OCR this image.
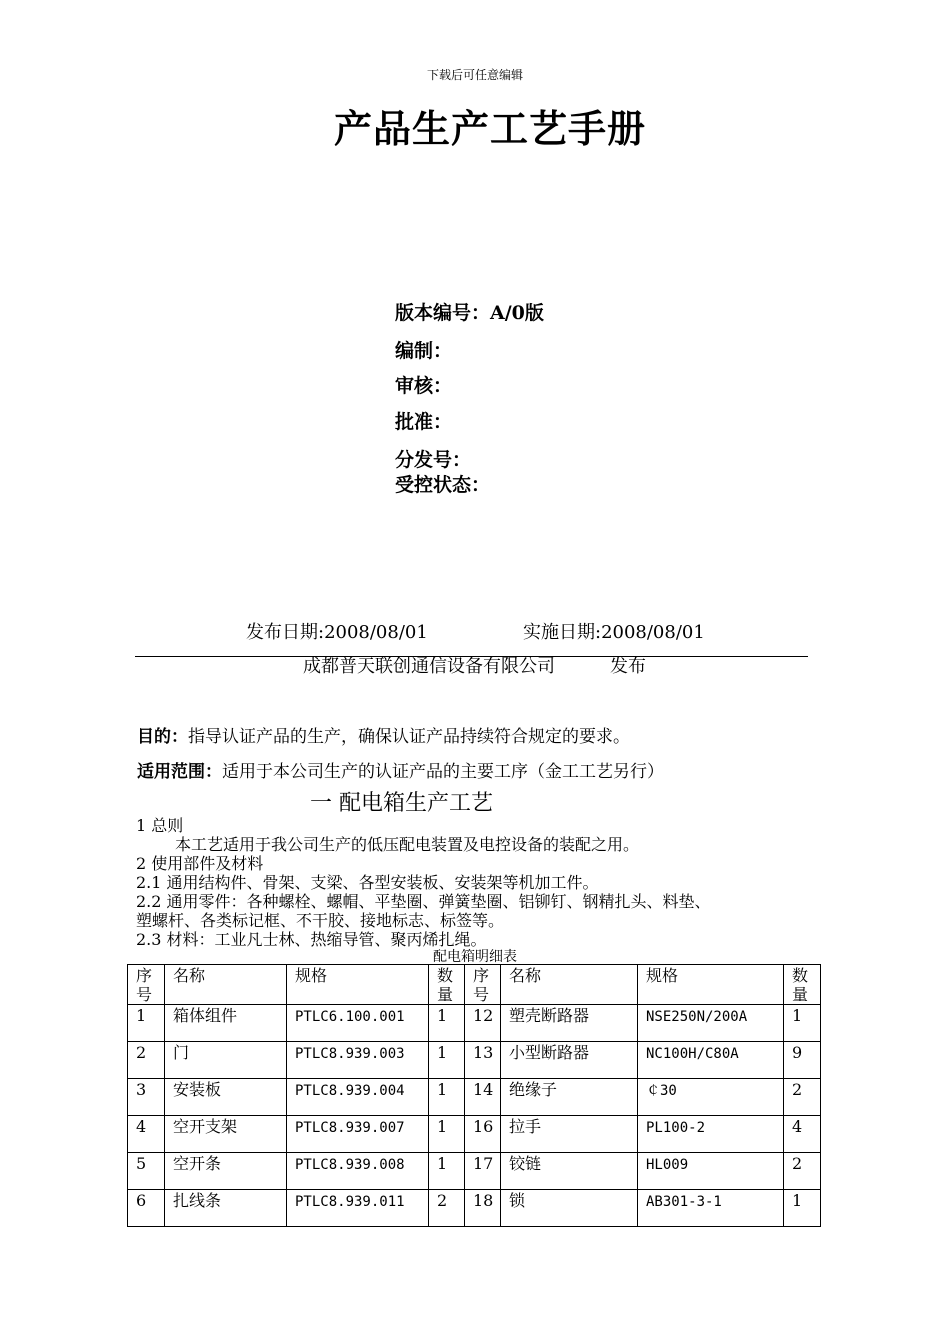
下载后可任意编辑
产品生产工艺手册
版本编号：A/0版
编制：
审核：
批准：
分发号：
受控状态：
发布日期:2008/08/01	实施日期:2008/08/01
成都普天联创通信设备有限公司	发布
目的：指导认证产品的生产，确保认证产品持续符合规定的要求。
适用范围：适用于本公司生产的认证产品的主要工序（金工工艺另行）
一 配电箱生产工艺
1 总则
本工艺适用于我公司生产的低压配电装置及电控设备的装配之用。
2 使用部件及材料
2.1 通用结构件、骨架、支梁、各型安装板、安装架等机加工件。
2.2 通用零件：各种螺栓、螺帽、平垫圈、弹簧垫圈、铝铆钉、钢精扎头、料垫、
塑螺杆、各类标记框、不干胶、接地标志、标签等。
2.3 材料：工业凡士林、热缩导管、聚丙烯扎绳。
配电箱明细表
序号	名称	规格	数量	序号	名称	规格	数量
1	箱体组件	PTLC6.100.001	1	12	塑壳断路器	NSE250N/200A	1
2	门	PTLC8.939.003	1	13	小型断路器	NC100H/C80A	9
3	安装板	PTLC8.939.004	1	14	绝缘子	￠30	2
4	空开支架	PTLC8.939.007	1	16	拉手	PL100-2	4
5	空开条	PTLC8.939.008	1	17	铰链	HL009	2
6	扎线条	PTLC8.939.011	2	18	锁	AB301-3-1	1
